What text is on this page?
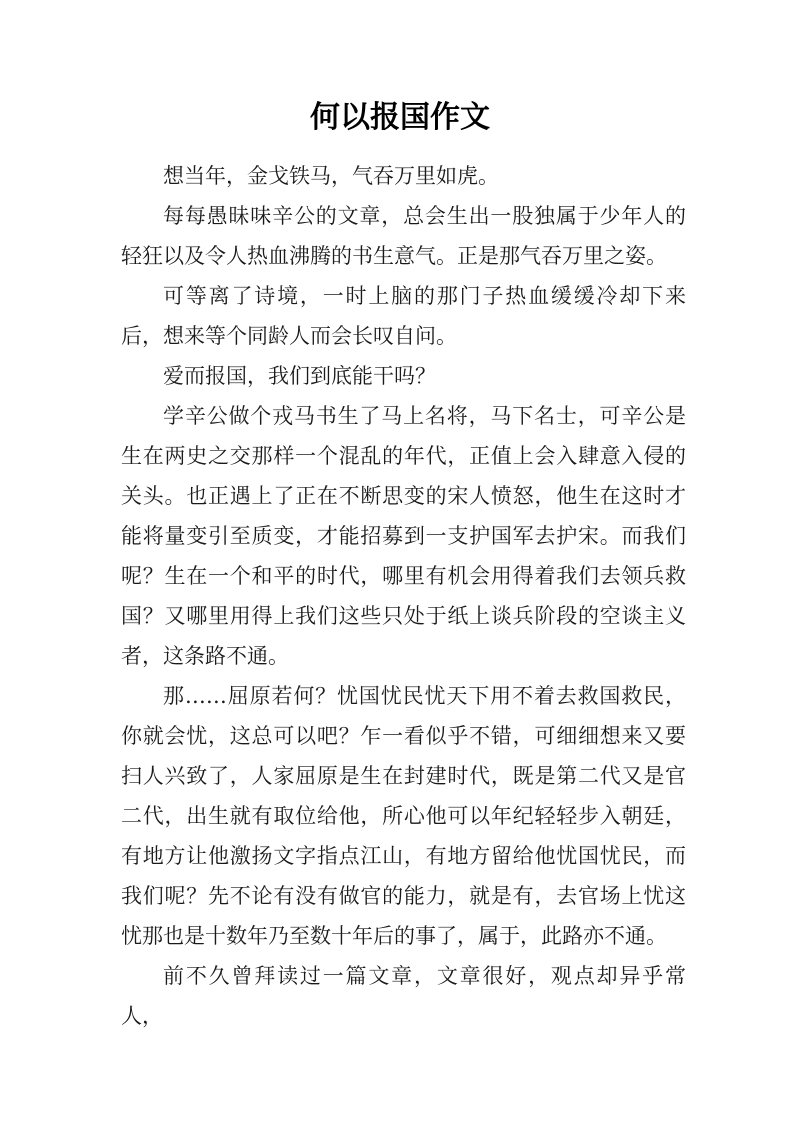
何以报国作文

想当年，金戈铁马，气吞万里如虎。

每每愚昧味辛公的文章，总会生出一股独属于少年人的轻狂以及令人热血沸腾的书生意气。正是那气吞万里之姿。

可等离了诗境，一时上脑的那门子热血缓缓冷却下来后，想来等个同龄人而会长叹自问。

爱而报国，我们到底能干吗？

学辛公做个戎马书生了马上名将，马下名士，可辛公是生在两史之交那样一个混乱的年代，正值上会入肆意入侵的关头。也正遇上了正在不断思变的宋人愤怒，他生在这时才能将量变引至质变，才能招募到一支护国军去护宋。而我们呢？生在一个和平的时代，哪里有机会用得着我们去领兵救国？又哪里用得上我们这些只处于纸上谈兵阶段的空谈主义者，这条路不通。

那……屈原若何？忧国忧民忧天下用不着去救国救民，你就会忧，这总可以吧？乍一看似乎不错，可细细想来又要扫人兴致了，人家屈原是生在封建时代，既是第二代又是官二代，出生就有取位给他，所心他可以年纪轻轻步入朝廷，有地方让他激扬文字指点江山，有地方留给他忧国忧民，而我们呢？先不论有没有做官的能力，就是有，去官场上忧这忧那也是十数年乃至数十年后的事了，属于，此路亦不通。

前不久曾拜读过一篇文章，文章很好，观点却异乎常人，
